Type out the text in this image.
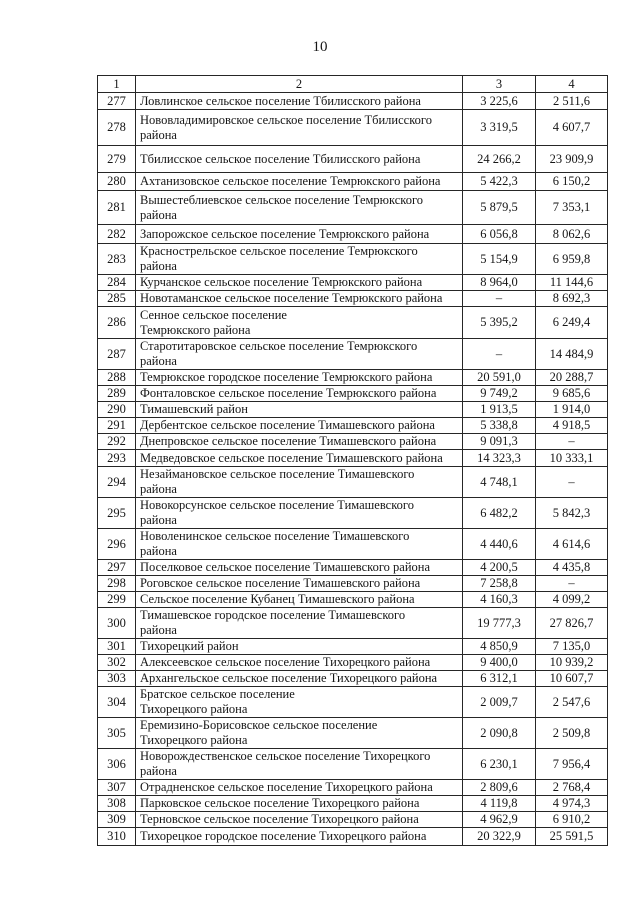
10
1	2	3	4
277	Ловлинское сельское поселение Тбилисского района	3 225,6	2 511,6
278	Нововладимировское сельское поселение Тбилисского
района	3 319,5	4 607,7
279	Тбилисское сельское поселение Тбилисского района	24 266,2	23 909,9
280	Ахтанизовское сельское поселение Темрюкского района	5 422,3	6 150,2
281	Вышестеблиевское сельское поселение Темрюкского
района	5 879,5	7 353,1
282	Запорожское сельское поселение Темрюкского района	6 056,8	8 062,6
283	Краснострельское сельское поселение Темрюкского
района	5 154,9	6 959,8
284	Курчанское сельское поселение Темрюкского района	8 964,0	11 144,6
285	Новотаманское сельское поселение Темрюкского района	–	8 692,3
286	Сенное сельское поселение
Темрюкского района	5 395,2	6 249,4
287	Старотитаровское сельское поселение Темрюкского
района	–	14 484,9
288	Темрюкское городское поселение Темрюкского района	20 591,0	20 288,7
289	Фонталовское сельское поселение Темрюкского района	9 749,2	9 685,6
290	Тимашевский район	1 913,5	1 914,0
291	Дербентское сельское поселение Тимашевского района	5 338,8	4 918,5
292	Днепровское сельское поселение Тимашевского района	9 091,3	–
293	Медведовское сельское поселение Тимашевского района	14 323,3	10 333,1
294	Незаймановское сельское поселение Тимашевского
района	4 748,1	–
295	Новокорсунское сельское поселение Тимашевского
района	6 482,2	5 842,3
296	Новоленинское сельское поселение Тимашевского
района	4 440,6	4 614,6
297	Поселковое сельское поселение Тимашевского района	4 200,5	4 435,8
298	Роговское сельское поселение Тимашевского района	7 258,8	–
299	Сельское поселение Кубанец Тимашевского района	4 160,3	4 099,2
300	Тимашевское городское поселение Тимашевского
района	19 777,3	27 826,7
301	Тихорецкий район	4 850,9	7 135,0
302	Алексеевское сельское поселение Тихорецкого района	9 400,0	10 939,2
303	Архангельское сельское поселение Тихорецкого района	6 312,1	10 607,7
304	Братское сельское поселение
Тихорецкого района	2 009,7	2 547,6
305	Еремизино-Борисовское сельское поселение
Тихорецкого района	2 090,8	2 509,8
306	Новорождественское сельское поселение Тихорецкого
района	6 230,1	7 956,4
307	Отрадненское сельское поселение Тихорецкого района	2 809,6	2 768,4
308	Парковское сельское поселение Тихорецкого района	4 119,8	4 974,3
309	Терновское сельское поселение Тихорецкого района	4 962,9	6 910,2
310	Тихорецкое городское поселение Тихорецкого района	20 322,9	25 591,5
